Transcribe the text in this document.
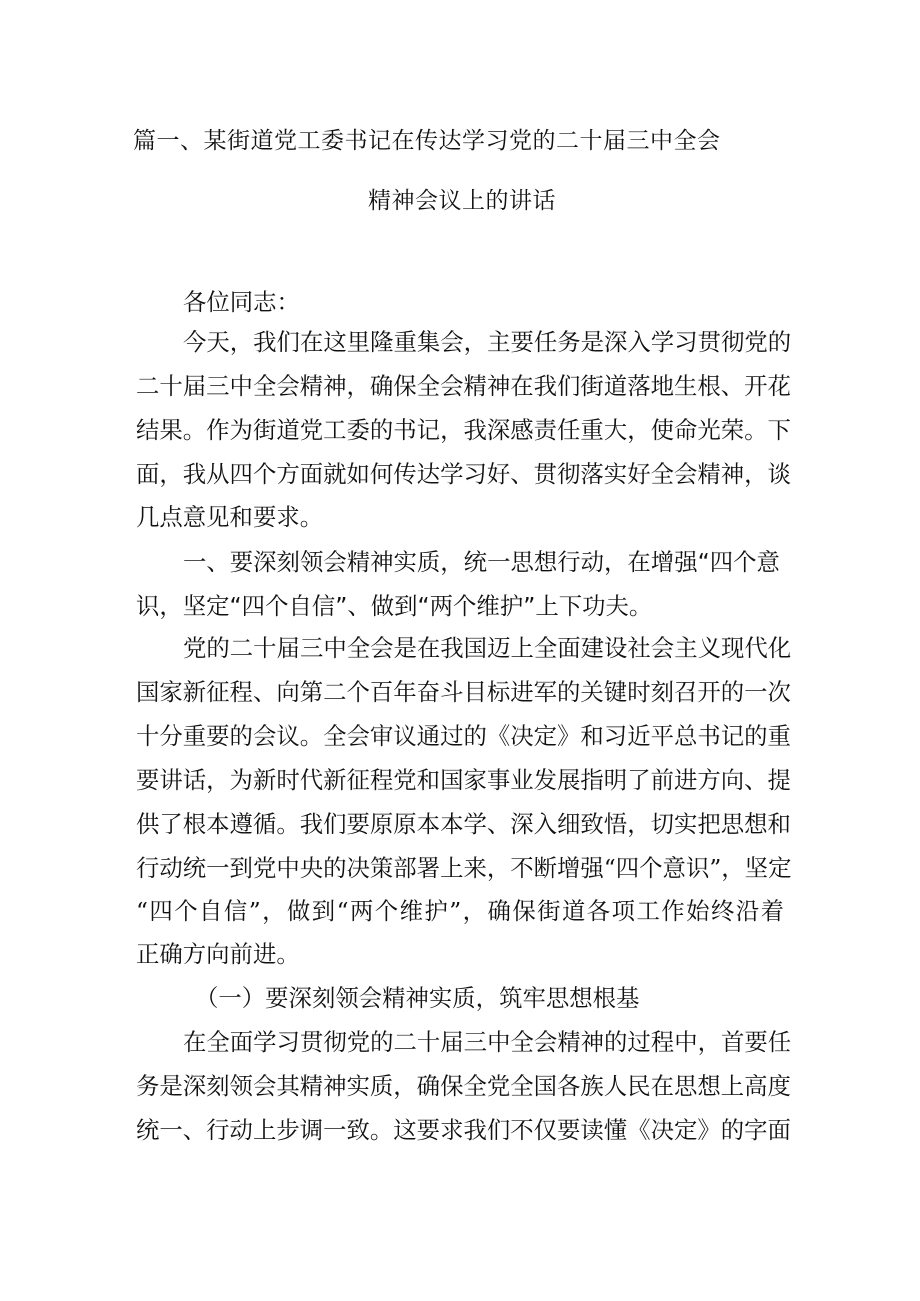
篇一、某街道党工委书记在传达学习党的二十届三中全会
精神会议上的讲话
各位同志：
今天，我们在这里隆重集会，主要任务是深入学习贯彻党的
二十届三中全会精神，确保全会精神在我们街道落地生根、开花
结果。作为街道党工委的书记，我深感责任重大，使命光荣。下
面，我从四个方面就如何传达学习好、贯彻落实好全会精神，谈
几点意见和要求。
一、要深刻领会精神实质，统一思想行动，在增强“四个意
识，坚定“四个自信”、做到“两个维护”上下功夫。
党的二十届三中全会是在我国迈上全面建设社会主义现代化
国家新征程、向第二个百年奋斗目标进军的关键时刻召开的一次
十分重要的会议。全会审议通过的《决定》和习近平总书记的重
要讲话，为新时代新征程党和国家事业发展指明了前进方向、提
供了根本遵循。我们要原原本本学、深入细致悟，切实把思想和
行动统一到党中央的决策部署上来，不断增强“四个意识”，坚定
“四个自信”，做到“两个维护”，确保街道各项工作始终沿着
正确方向前进。
（一）要深刻领会精神实质，筑牢思想根基
在全面学习贯彻党的二十届三中全会精神的过程中，首要任
务是深刻领会其精神实质，确保全党全国各族人民在思想上高度
统一、行动上步调一致。这要求我们不仅要读懂《决定》的字面
